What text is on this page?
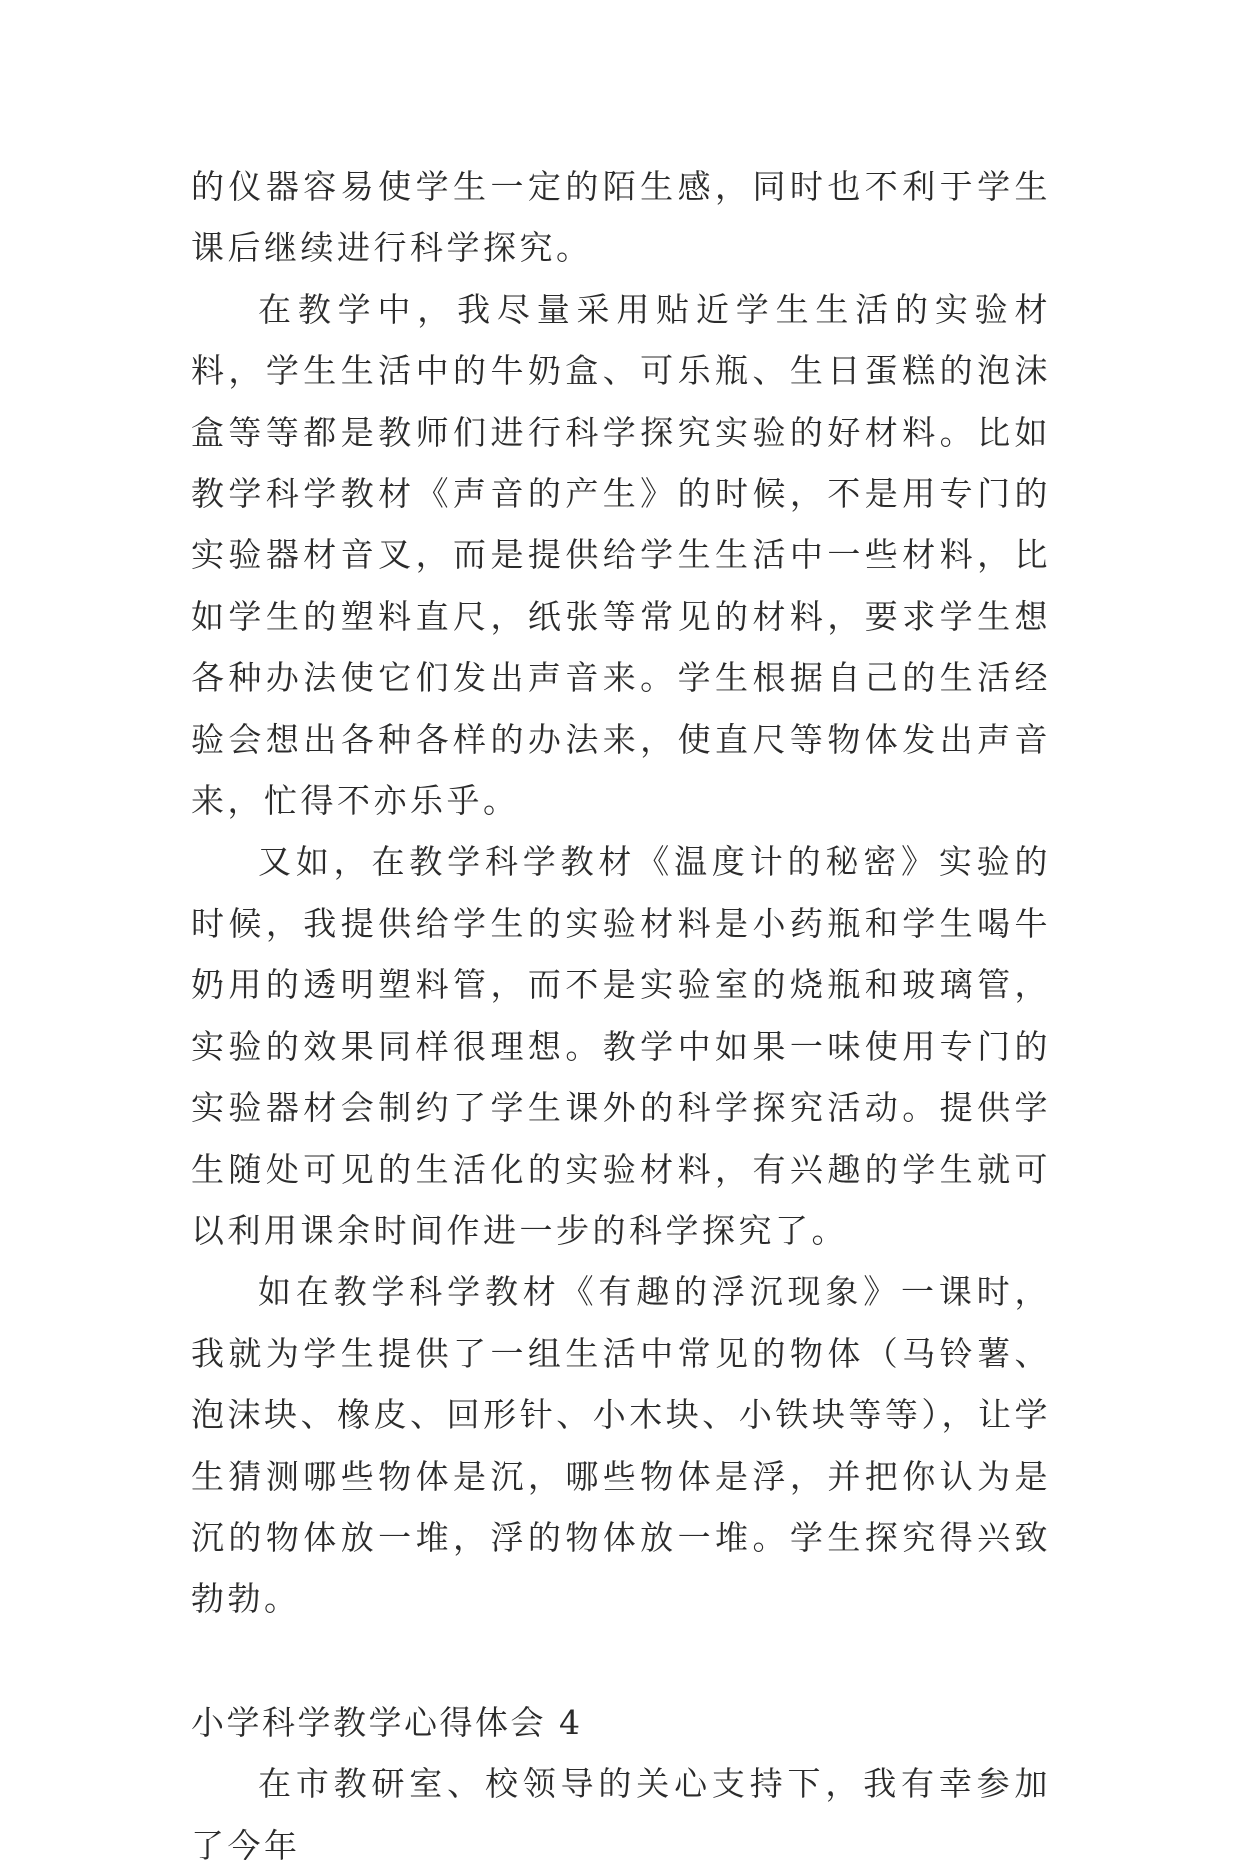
的仪器容易使学生一定的陌生感，同时也不利于学生课后继续进行科学探究。

在教学中，我尽量采用贴近学生生活的实验材料，学生生活中的牛奶盒、可乐瓶、生日蛋糕的泡沫盒等等都是教师们进行科学探究实验的好材料。比如教学科学教材《声音的产生》的时候，不是用专门的实验器材音叉，而是提供给学生生活中一些材料，比如学生的塑料直尺，纸张等常见的材料，要求学生想各种办法使它们发出声音来。学生根据自己的生活经验会想出各种各样的办法来，使直尺等物体发出声音来，忙得不亦乐乎。

又如，在教学科学教材《温度计的秘密》实验的时候，我提供给学生的实验材料是小药瓶和学生喝牛奶用的透明塑料管，而不是实验室的烧瓶和玻璃管，实验的效果同样很理想。教学中如果一味使用专门的实验器材会制约了学生课外的科学探究活动。提供学生随处可见的生活化的实验材料，有兴趣的学生就可以利用课余时间作进一步的科学探究了。

如在教学科学教材《有趣的浮沉现象》一课时，我就为学生提供了一组生活中常见的物体（马铃薯、泡沫块、橡皮、回形针、小木块、小铁块等等），让学生猜测哪些物体是沉，哪些物体是浮，并把你认为是沉的物体放一堆，浮的物体放一堆。学生探究得兴致勃勃。

小学科学教学心得体会 4

在市教研室、校领导的关心支持下，我有幸参加了今年
